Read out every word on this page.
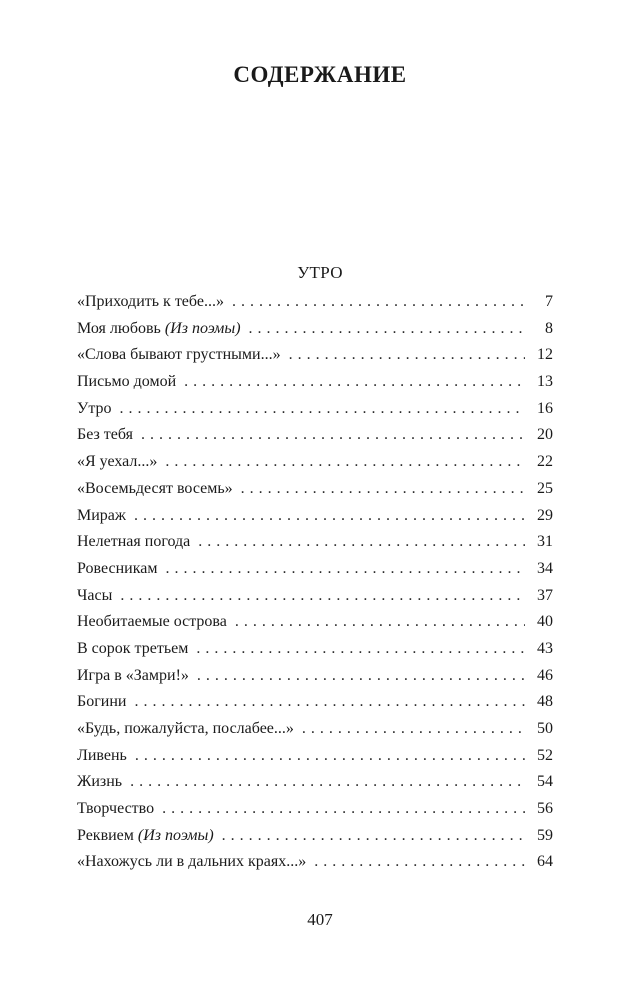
СОДЕРЖАНИЕ
УТРО
«Приходить к тебе...» . . .	7
Моя любовь (Из поэмы) . . .	8
«Слова бывают грустными...» . . .	12
Письмо домой . . .	13
Утро . . .	16
Без тебя . . .	20
«Я уехал...» . . .	22
«Восемьдесят восемь» . . .	25
Мираж . . .	29
Нелетная погода . . .	31
Ровесникам . . .	34
Часы . . .	37
Необитаемые острова . . .	40
В сорок третьем . . .	43
Игра в «Замри!» . . .	46
Богини . . .	48
«Будь, пожалуйста, послабее...» . . .	50
Ливень . . .	52
Жизнь . . .	54
Творчество . . .	56
Реквием (Из поэмы) . . .	59
«Нахожусь ли в дальних краях...» . . .	64
407
